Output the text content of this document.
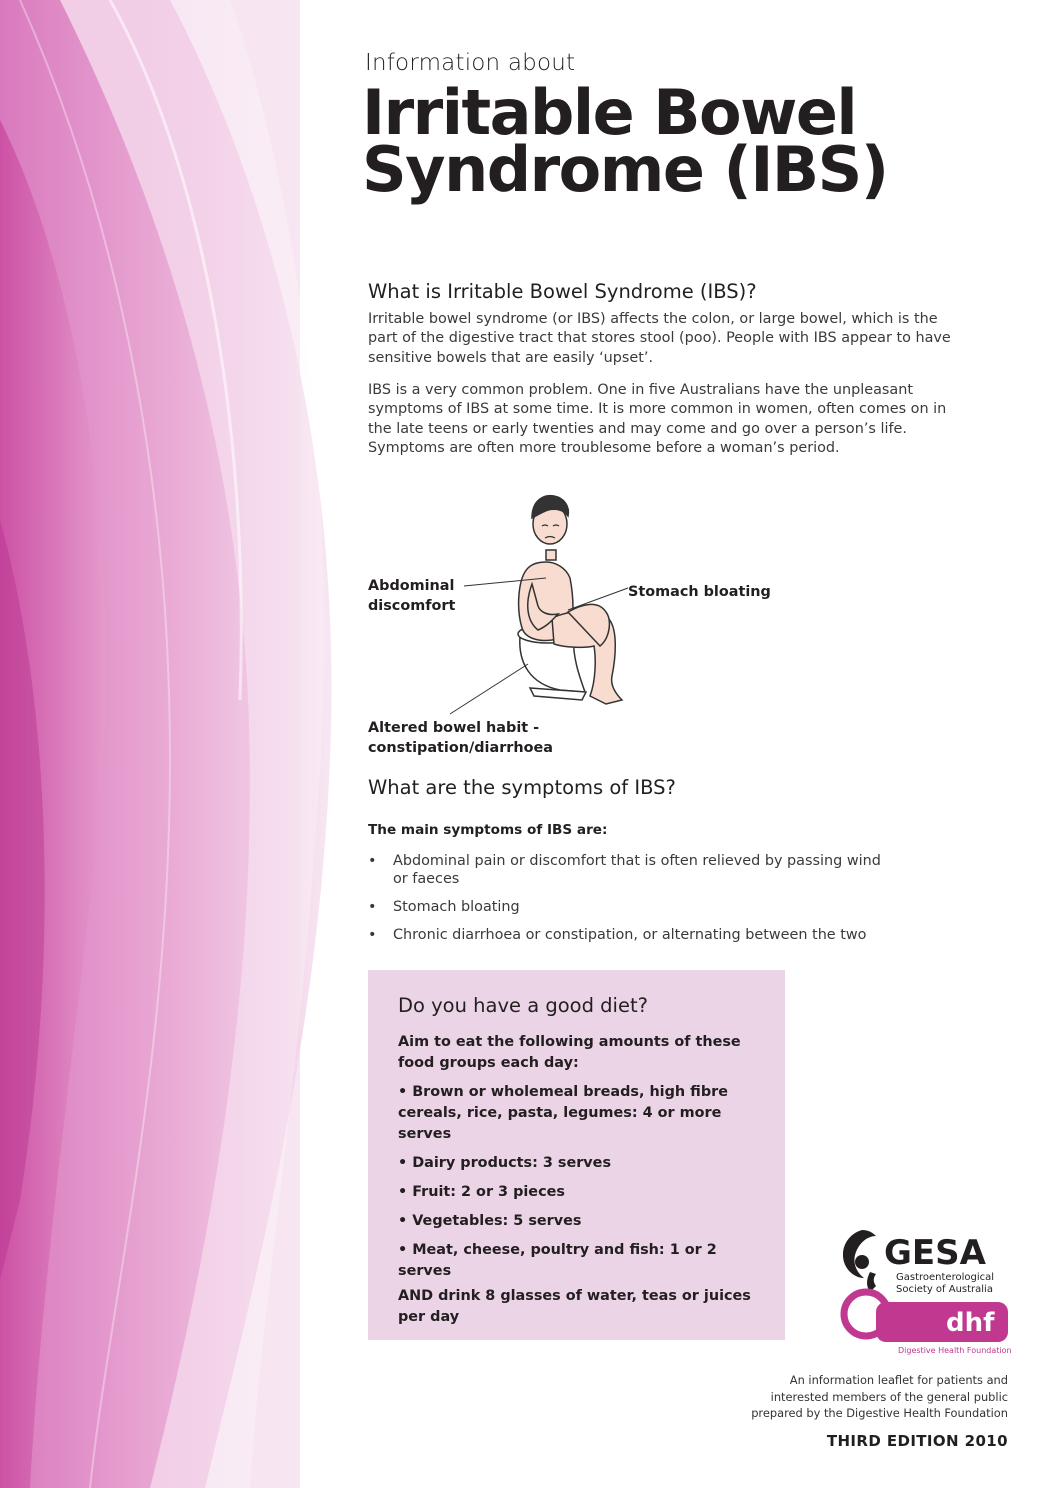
Information about
Irritable Bowel Syndrome (IBS)
What is Irritable Bowel Syndrome (IBS)?
Irritable bowel syndrome (or IBS) affects the colon, or large bowel, which is the part of the digestive tract that stores stool (poo). People with IBS appear to have sensitive bowels that are easily ‘upset’.
IBS is a very common problem. One in five Australians have the unpleasant symptoms of IBS at some time. It is more common in women, often comes on in the late teens or early twenties and may come and go over a person’s life. Symptoms are often more troublesome before a woman’s period.
Abdominal discomfort
Stomach bloating
Altered bowel habit - constipation/diarrhoea
What are the symptoms of IBS?
The main symptoms of IBS are:
• Abdominal pain or discomfort that is often relieved by passing wind or faeces
• Stomach bloating
• Chronic diarrhoea or constipation, or alternating between the two
Do you have a good diet?

Aim to eat the following amounts of these food groups each day:

• Brown or wholemeal breads, high fibre cereals, rice, pasta, legumes: 4 or more serves

• Dairy products: 3 serves

• Fruit: 2 or 3 pieces

• Vegetables: 5 serves

• Meat, cheese, poultry and fish: 1 or 2 serves

AND drink 8 glasses of water, teas or juices per day

GESA
Gastroenterological
Society of Australia
dhf
Digestive Health Foundation
An information leaflet for patients and
interested members of the general public
prepared by the Digestive Health Foundation
THIRD EDITION 2010
